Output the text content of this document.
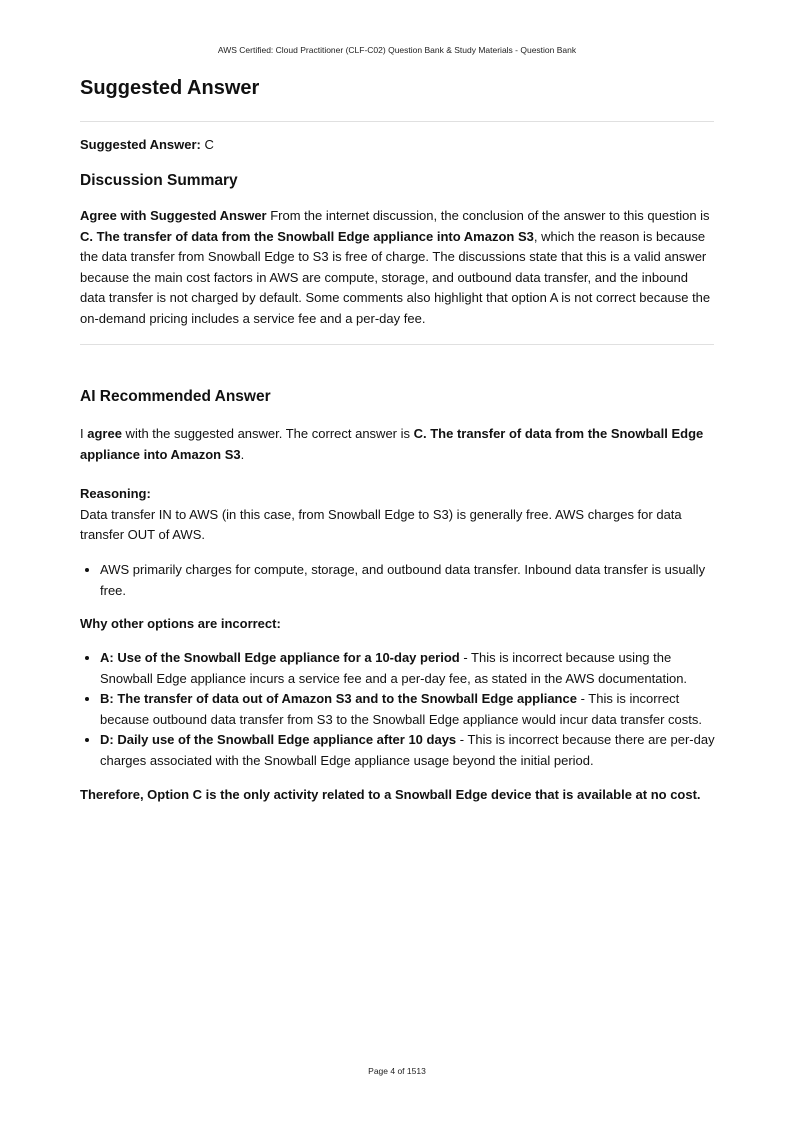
AWS Certified: Cloud Practitioner (CLF-C02) Question Bank & Study Materials - Question Bank
Suggested Answer
Suggested Answer: C
Discussion Summary
Agree with Suggested Answer From the internet discussion, the conclusion of the answer to this question is C. The transfer of data from the Snowball Edge appliance into Amazon S3, which the reason is because the data transfer from Snowball Edge to S3 is free of charge. The discussions state that this is a valid answer because the main cost factors in AWS are compute, storage, and outbound data transfer, and the inbound data transfer is not charged by default. Some comments also highlight that option A is not correct because the on-demand pricing includes a service fee and a per-day fee.
AI Recommended Answer
I agree with the suggested answer. The correct answer is C. The transfer of data from the Snowball Edge appliance into Amazon S3.
Reasoning:
Data transfer IN to AWS (in this case, from Snowball Edge to S3) is generally free. AWS charges for data transfer OUT of AWS.
• AWS primarily charges for compute, storage, and outbound data transfer. Inbound data transfer is usually free.
Why other options are incorrect:
• A: Use of the Snowball Edge appliance for a 10-day period - This is incorrect because using the Snowball Edge appliance incurs a service fee and a per-day fee, as stated in the AWS documentation.
• B: The transfer of data out of Amazon S3 and to the Snowball Edge appliance - This is incorrect because outbound data transfer from S3 to the Snowball Edge appliance would incur data transfer costs.
• D: Daily use of the Snowball Edge appliance after 10 days - This is incorrect because there are per-day charges associated with the Snowball Edge appliance usage beyond the initial period.
Therefore, Option C is the only activity related to a Snowball Edge device that is available at no cost.
Page 4 of 1513
